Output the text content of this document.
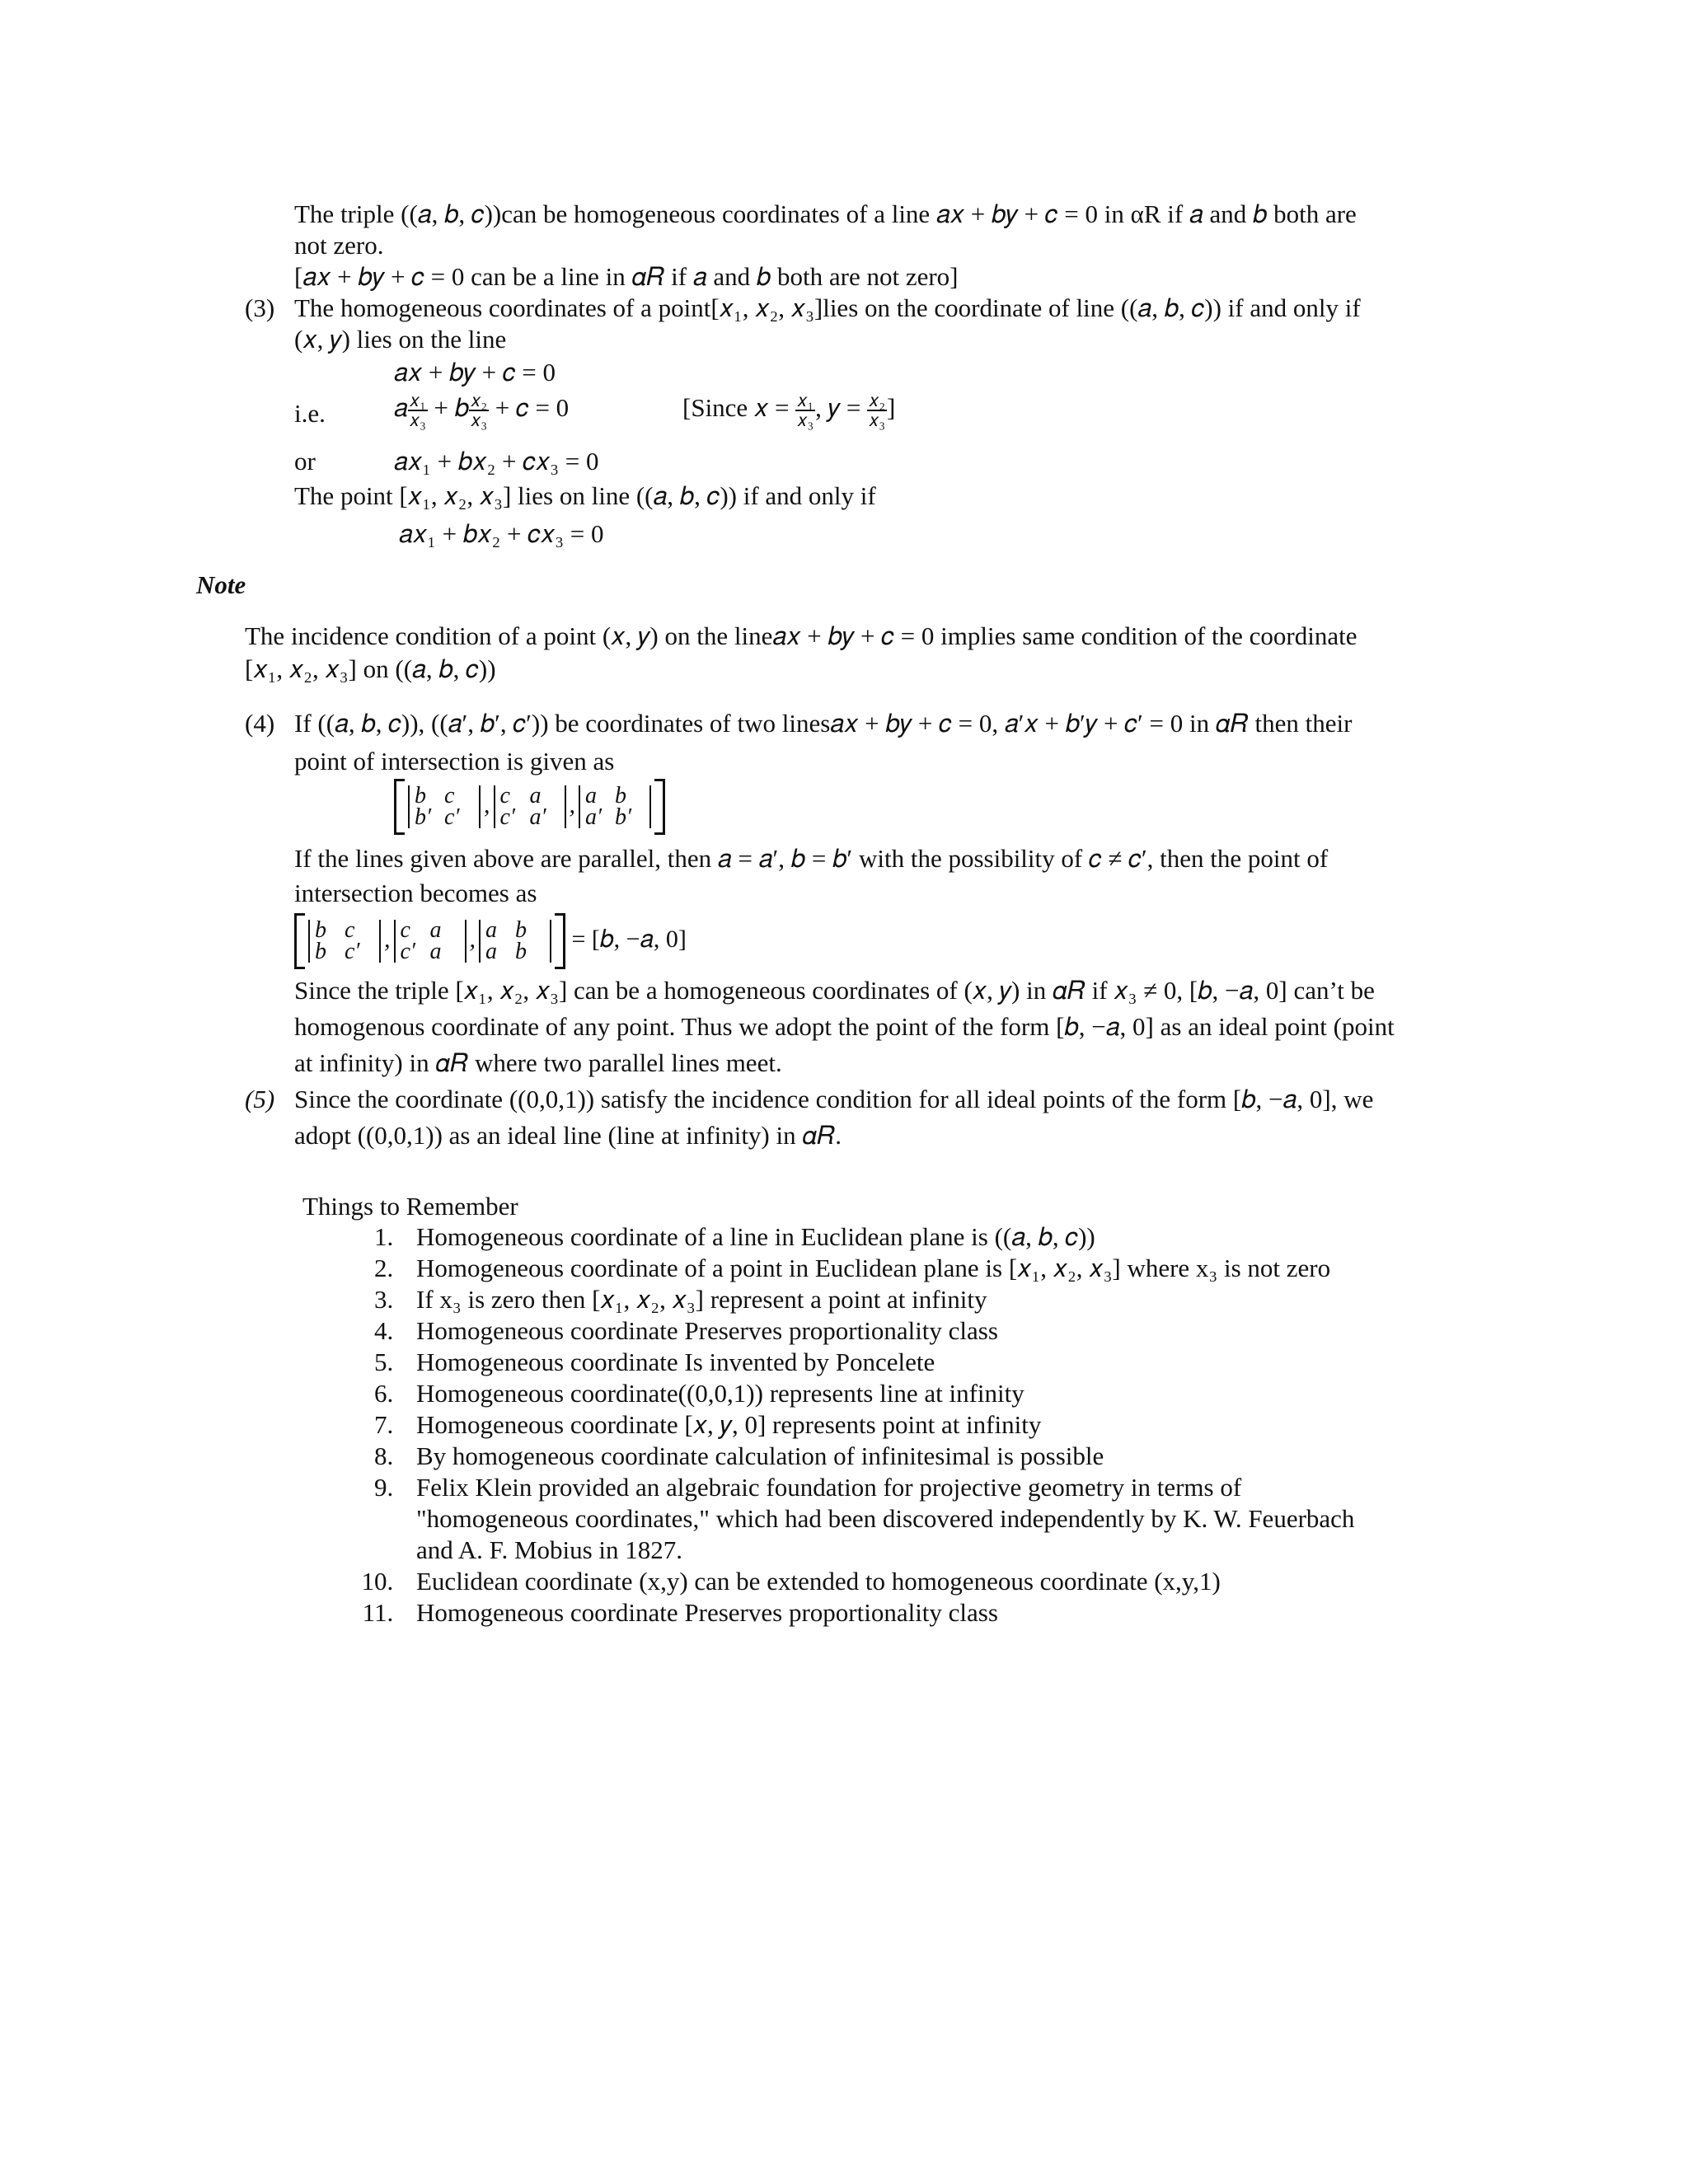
The triple ((𝑎, 𝑏, 𝑐))can be homogeneous coordinates of a line 𝑎𝑥 + 𝑏𝑦 + 𝑐 = 0 in αR if 𝑎 and 𝑏 both are
not zero.
[𝑎𝑥 + 𝑏𝑦 + 𝑐 = 0 can be a line in 𝛼𝑅 if 𝑎 and 𝑏 both are not zero]
(3) The homogeneous coordinates of a point[𝑥₁, 𝑥₂, 𝑥₃]lies on the coordinate of line ((𝑎, 𝑏, 𝑐)) if and only if
(𝑥, 𝑦) lies on the line
𝑎𝑥 + 𝑏𝑦 + 𝑐 = 0
i.e.	𝑎 $\frac{\text{𝑥₁}}{\text{𝑥₃}}$ + 𝑏 $\frac{\text{𝑥₂}}{\text{𝑥₃}}$ + 𝑐 = 0	[Since 𝑥 = $\frac{\text{𝑥₁}}{\text{𝑥₃}}$ , 𝑦 = $\frac{\text{𝑥₂}}{\text{𝑥₃}}$ ]
or	𝑎𝑥₁ + 𝑏𝑥₂ + 𝑐𝑥₃ = 0
The point [𝑥₁, 𝑥₂, 𝑥₃] lies on line ((𝑎, 𝑏, 𝑐)) if and only if
𝑎𝑥₁ + 𝑏𝑥₂ + 𝑐𝑥₃ = 0
Note
The incidence condition of a point (𝑥, 𝑦) on the line𝑎𝑥 + 𝑏𝑦 + 𝑐 = 0 implies same condition of the coordinate
[𝑥₁, 𝑥₂, 𝑥₃] on ((𝑎, 𝑏, 𝑐))
(4) If ((𝑎, 𝑏, 𝑐)), ((𝑎′, 𝑏′, 𝑐′)) be coordinates of two lines𝑎𝑥 + 𝑏𝑦 + 𝑐 = 0, 𝑎′𝑥 + 𝑏′𝑦 + 𝑐′ = 0 in 𝛼𝑅 then their
point of intersection is given as
b c
b′ c′ , c a
c′ a′ , a b
a′ b′
If the lines given above are parallel, then 𝑎 = 𝑎′, 𝑏 = 𝑏′ with the possibility of 𝑐 ≠ 𝑐′, then the point of
intersection becomes as
b c
b c′ , c a
c′ a , a b
a b = [𝑏, −𝑎, 0]
Since the triple [𝑥₁, 𝑥₂, 𝑥₃] can be a homogeneous coordinates of (𝑥, 𝑦) in 𝛼𝑅 if 𝑥₃ ≠ 0, [𝑏, −𝑎, 0] can’t be
homogenous coordinate of any point. Thus we adopt the point of the form [𝑏, −𝑎, 0] as an ideal point (point
at infinity) in 𝛼𝑅 where two parallel lines meet.
(5) Since the coordinate ((0,0,1)) satisfy the incidence condition for all ideal points of the form [𝑏, −𝑎, 0], we
adopt ((0,0,1)) as an ideal line (line at infinity) in 𝛼𝑅.
Things to Remember
1. Homogeneous coordinate of a line in Euclidean plane is ((𝑎, 𝑏, 𝑐))
2. Homogeneous coordinate of a point in Euclidean plane is [𝑥₁, 𝑥₂, 𝑥₃] where x₃ is not zero
3. If x₃ is zero then [𝑥₁, 𝑥₂, 𝑥₃] represent a point at infinity
4. Homogeneous coordinate Preserves proportionality class
5. Homogeneous coordinate Is invented by Poncelete
6. Homogeneous coordinate((0,0,1)) represents line at infinity
7. Homogeneous coordinate [𝑥, 𝑦, 0] represents point at infinity
8. By homogeneous coordinate calculation of infinitesimal is possible
9. Felix Klein provided an algebraic foundation for projective geometry in terms of "homogeneous coordinates," which had been discovered independently by K. W. Feuerbach and A. F. Mobius in 1827.
10. Euclidean coordinate (x,y) can be extended to homogeneous coordinate (x,y,1)
11. Homogeneous coordinate Preserves proportionality class
